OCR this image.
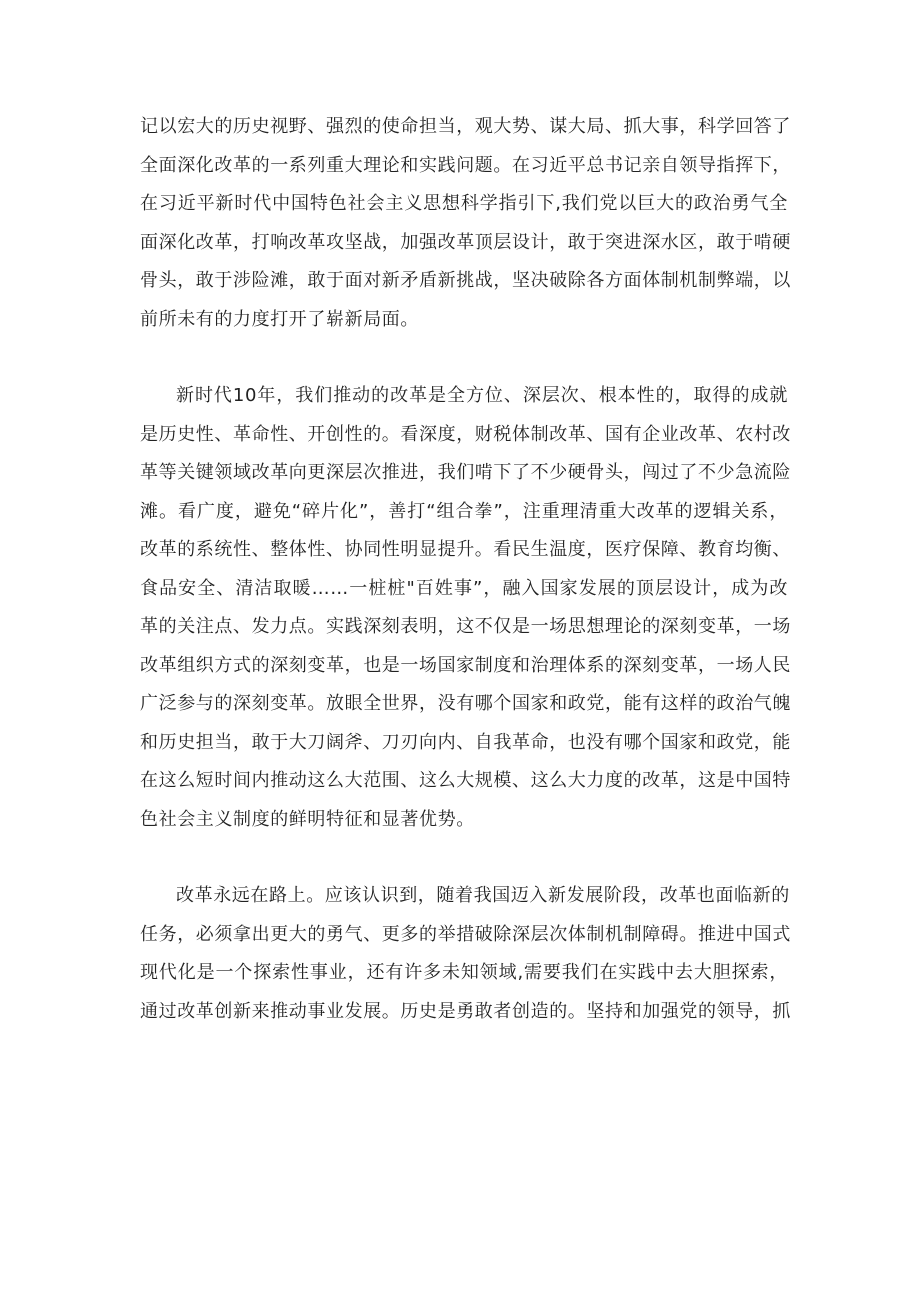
记以宏大的历史视野、强烈的使命担当，观大势、谋大局、抓大事，科学回答了
全面深化改革的一系列重大理论和实践问题。在习近平总书记亲自领导指挥下，
在习近平新时代中国特色社会主义思想科学指引下,我们党以巨大的政治勇气全
面深化改革，打响改革攻坚战，加强改革顶层设计，敢于突进深水区，敢于啃硬
骨头，敢于涉险滩，敢于面对新矛盾新挑战，坚决破除各方面体制机制弊端，以
前所未有的力度打开了崭新局面。

新时代10年，我们推动的改革是全方位、深层次、根本性的，取得的成就
是历史性、革命性、开创性的。看深度，财税体制改革、国有企业改革、农村改
革等关键领域改革向更深层次推进，我们啃下了不少硬骨头，闯过了不少急流险
滩。看广度，避免“碎片化”，善打“组合拳”，注重理清重大改革的逻辑关系，
改革的系统性、整体性、协同性明显提升。看民生温度，医疗保障、教育均衡、
食品安全、清洁取暖……一桩桩"百姓事”，融入国家发展的顶层设计，成为改
革的关注点、发力点。实践深刻表明，这不仅是一场思想理论的深刻变革，一场
改革组织方式的深刻变革，也是一场国家制度和治理体系的深刻变革，一场人民
广泛参与的深刻变革。放眼全世界，没有哪个国家和政党，能有这样的政治气魄
和历史担当，敢于大刀阔斧、刀刃向内、自我革命，也没有哪个国家和政党，能
在这么短时间内推动这么大范围、这么大规模、这么大力度的改革，这是中国特
色社会主义制度的鲜明特征和显著优势。

改革永远在路上。应该认识到，随着我国迈入新发展阶段，改革也面临新的
任务，必须拿出更大的勇气、更多的举措破除深层次体制机制障碍。推进中国式
现代化是一个探索性事业，还有许多未知领域,需要我们在实践中去大胆探索，
通过改革创新来推动事业发展。历史是勇敢者创造的。坚持和加强党的领导，抓
